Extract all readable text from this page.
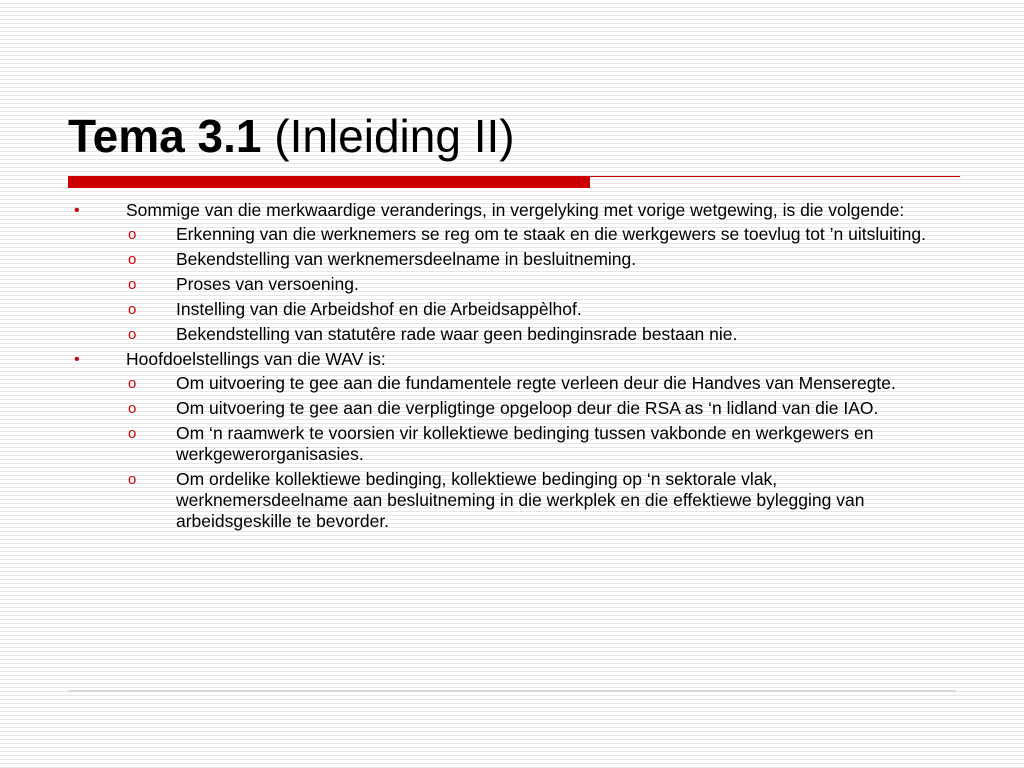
Tema 3.1 (Inleiding II)
•	Sommige van die merkwaardige veranderings, in vergelyking met vorige wetgewing, is die volgende:
o Erkenning van die werknemers se reg om te staak en die werkgewers se toevlug tot ’n uitsluiting.
o Bekendstelling van werknemersdeelname in besluitneming.
o Proses van versoening.
o Instelling van die Arbeidshof en die Arbeidsappèlhof.
o Bekendstelling van statutêre rade waar geen bedinginsrade bestaan nie.
•	Hoofdoelstellings van die WAV is:
o Om uitvoering te gee aan die fundamentele regte verleen deur die Handves van Menseregte.
o Om uitvoering te gee aan die verpligtinge opgeloop deur die RSA as ‘n lidland van die IAO.
o Om ‘n raamwerk te voorsien vir kollektiewe bedinging tussen vakbonde en werkgewers en werkgewerorganisasies.
o Om ordelike kollektiewe bedinging, kollektiewe bedinging op ‘n sektorale vlak, werknemersdeelname aan besluitneming in die werkplek en die effektiewe bylegging van arbeidsgeskille te bevorder.
